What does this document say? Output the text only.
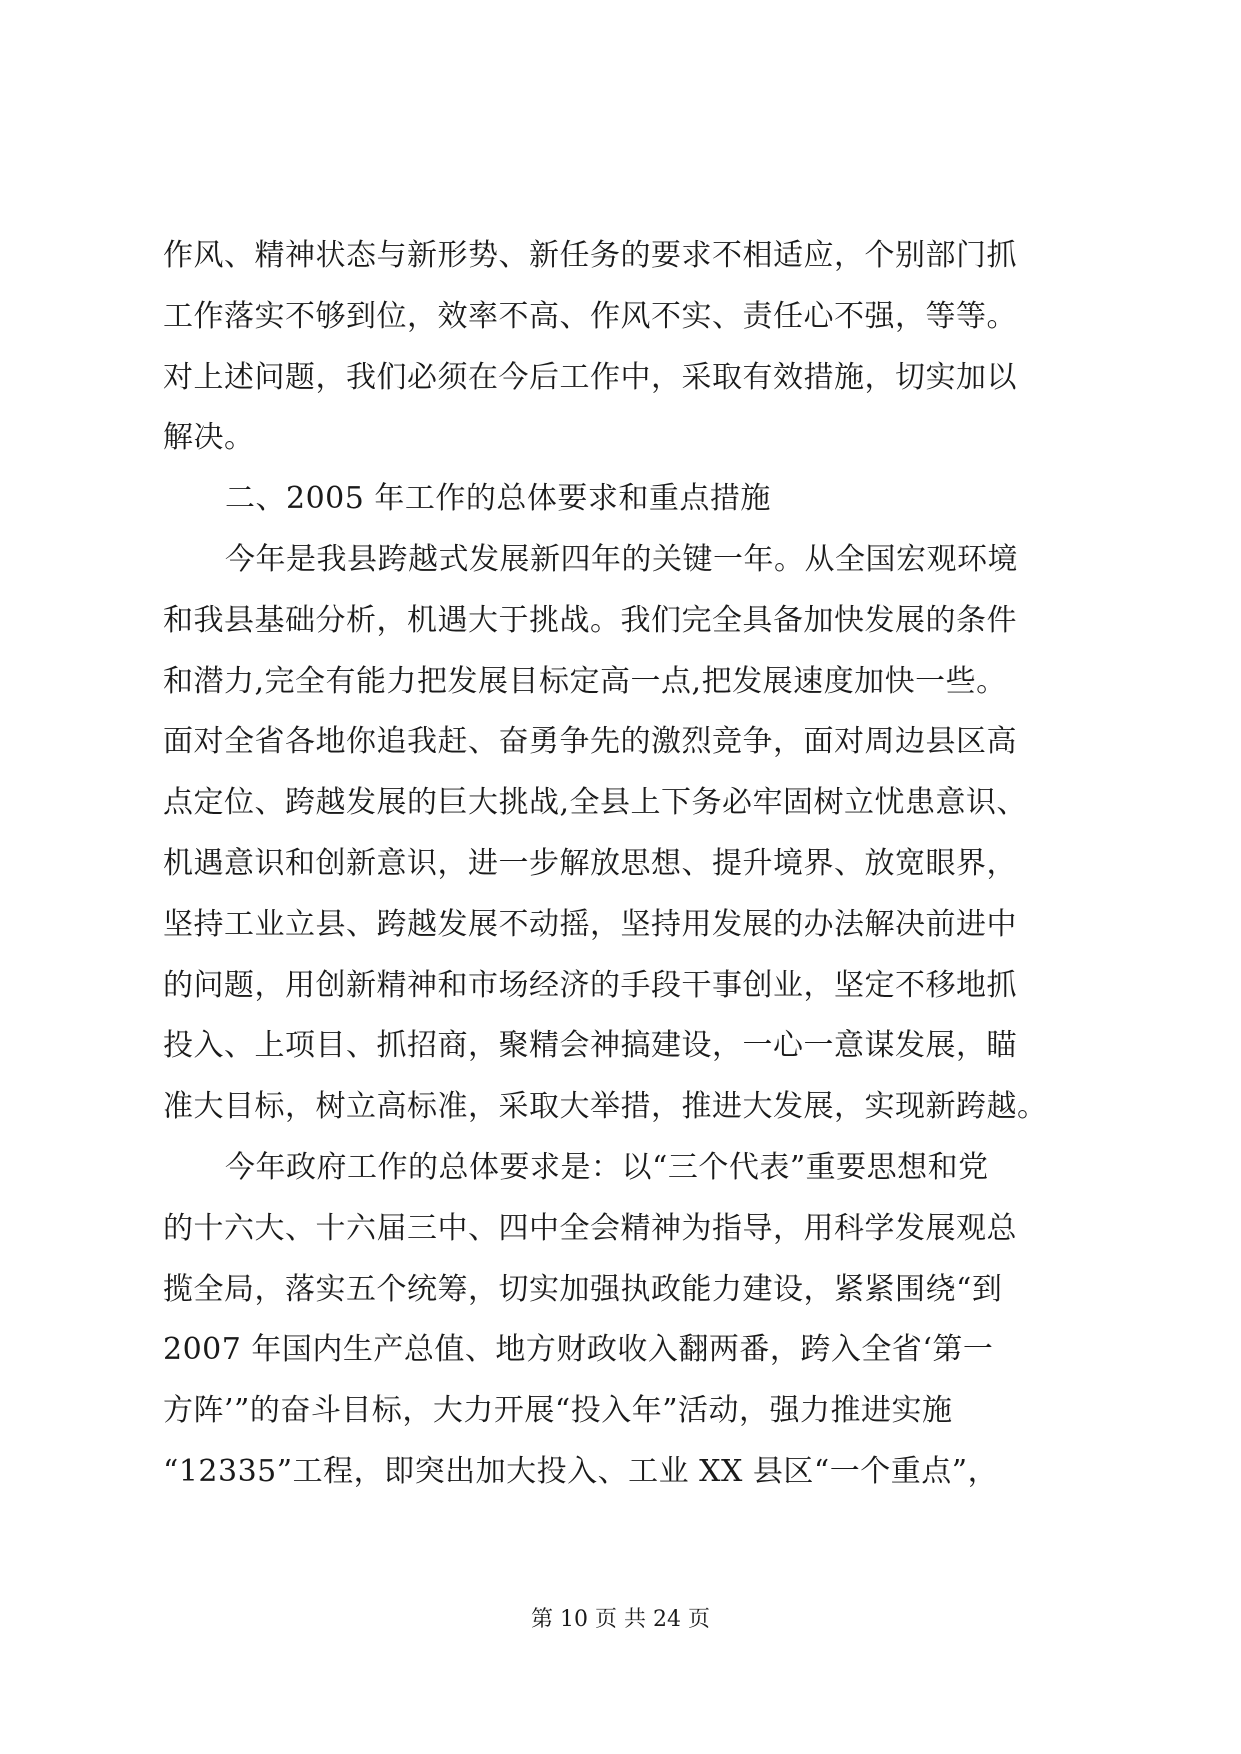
作风、精神状态与新形势、新任务的要求不相适应，个别部门抓
工作落实不够到位，效率不高、作风不实、责任心不强，等等。
对上述问题，我们必须在今后工作中，采取有效措施，切实加以
解决。
二、2005 年工作的总体要求和重点措施
今年是我县跨越式发展新四年的关键一年。从全国宏观环境
和我县基础分析，机遇大于挑战。我们完全具备加快发展的条件
和潜力,完全有能力把发展目标定高一点,把发展速度加快一些。
面对全省各地你追我赶、奋勇争先的激烈竞争，面对周边县区高
点定位、跨越发展的巨大挑战,全县上下务必牢固树立忧患意识、
机遇意识和创新意识，进一步解放思想、提升境界、放宽眼界，
坚持工业立县、跨越发展不动摇，坚持用发展的办法解决前进中
的问题，用创新精神和市场经济的手段干事创业，坚定不移地抓
投入、上项目、抓招商，聚精会神搞建设，一心一意谋发展，瞄
准大目标，树立高标准，采取大举措，推进大发展，实现新跨越。
今年政府工作的总体要求是：以“三个代表”重要思想和党
的十六大、十六届三中、四中全会精神为指导，用科学发展观总
揽全局，落实五个统筹，切实加强执政能力建设，紧紧围绕“到
2007 年国内生产总值、地方财政收入翻两番，跨入全省‘第一
方阵’”的奋斗目标，大力开展“投入年”活动，强力推进实施
“12335”工程，即突出加大投入、工业 XX 县区“一个重点”，
第 10 页 共 24 页
